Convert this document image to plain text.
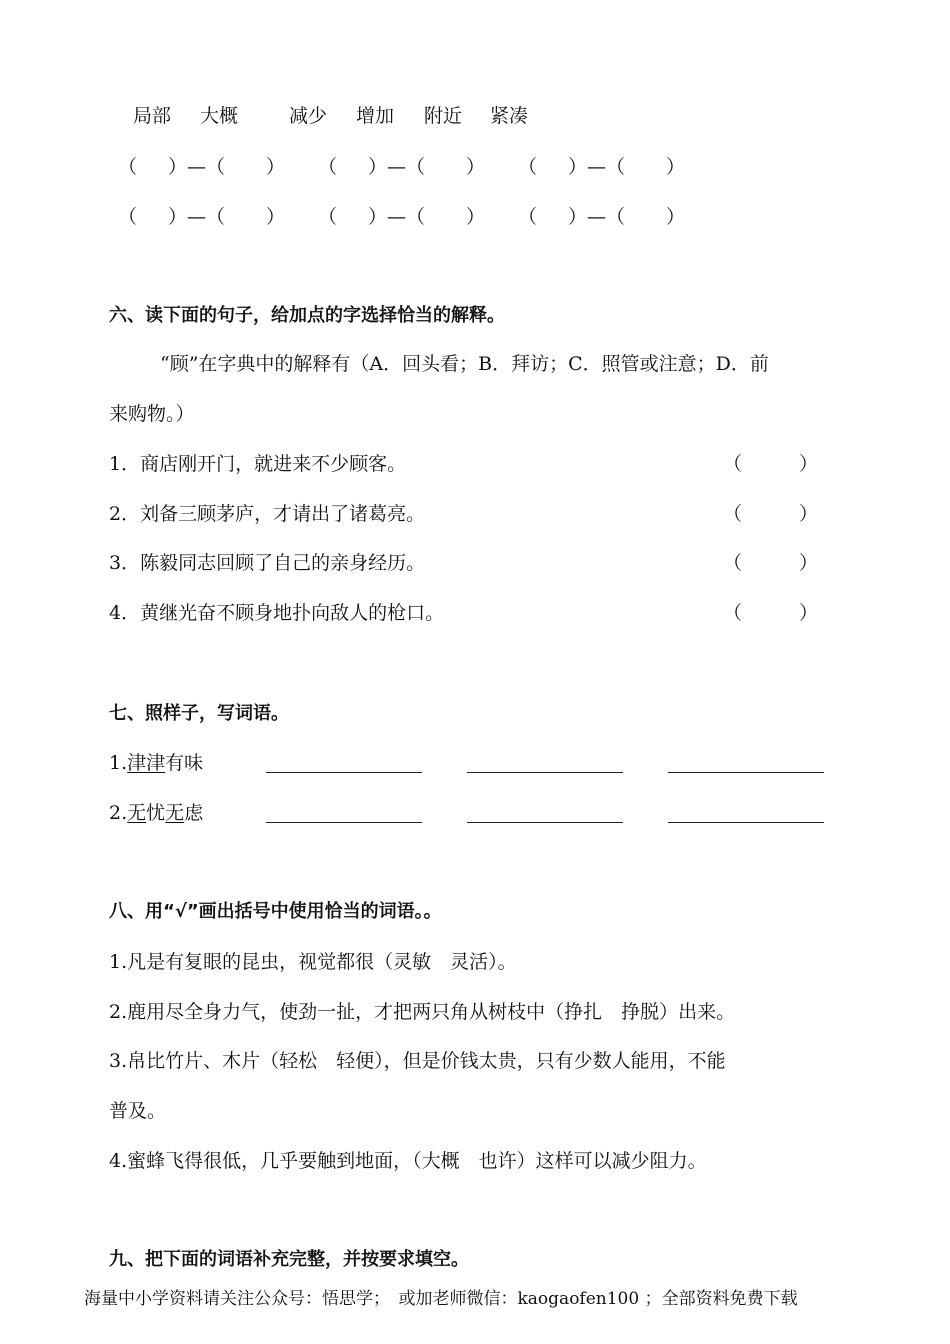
局部 大概	减少 增加 附近 紧凑
（ ）—（ ） （ ）—（ ） （ ）—（ ）
（ ）—（ ） （ ）—（ ） （ ）—（ ）
六、读下面的句子，给加点的字选择恰当的解释。
“顾”在字典中的解释有（A．回头看；B．拜访；C．照管或注意；D．前
来购物。）
1．商店刚开门，就进来不少顾客。	（　　　）
2．刘备三顾茅庐，才请出了诸葛亮。	（　　　）
3．陈毅同志回顾了自己的亲身经历。	（　　　）
4．黄继光奋不顾身地扑向敌人的枪口。	（　　　）
七、照样子，写词语。
1.津津有味
2.无忧无虑
八、用“√”画出括号中使用恰当的词语。。
1.凡是有复眼的昆虫，视觉都很（灵敏　灵活）。
2.鹿用尽全身力气，使劲一扯，才把两只角从树枝中（挣扎　挣脱）出来。
3.帛比竹片、木片（轻松　轻便），但是价钱太贵，只有少数人能用，不能
普及。
4.蜜蜂飞得很低，几乎要触到地面，（大概　也许）这样可以减少阻力。
九、把下面的词语补充完整，并按要求填空。
海量中小学资料请关注公众号：悟思学；　或加老师微信：kaogaofen100 ；全部资料免费下载
